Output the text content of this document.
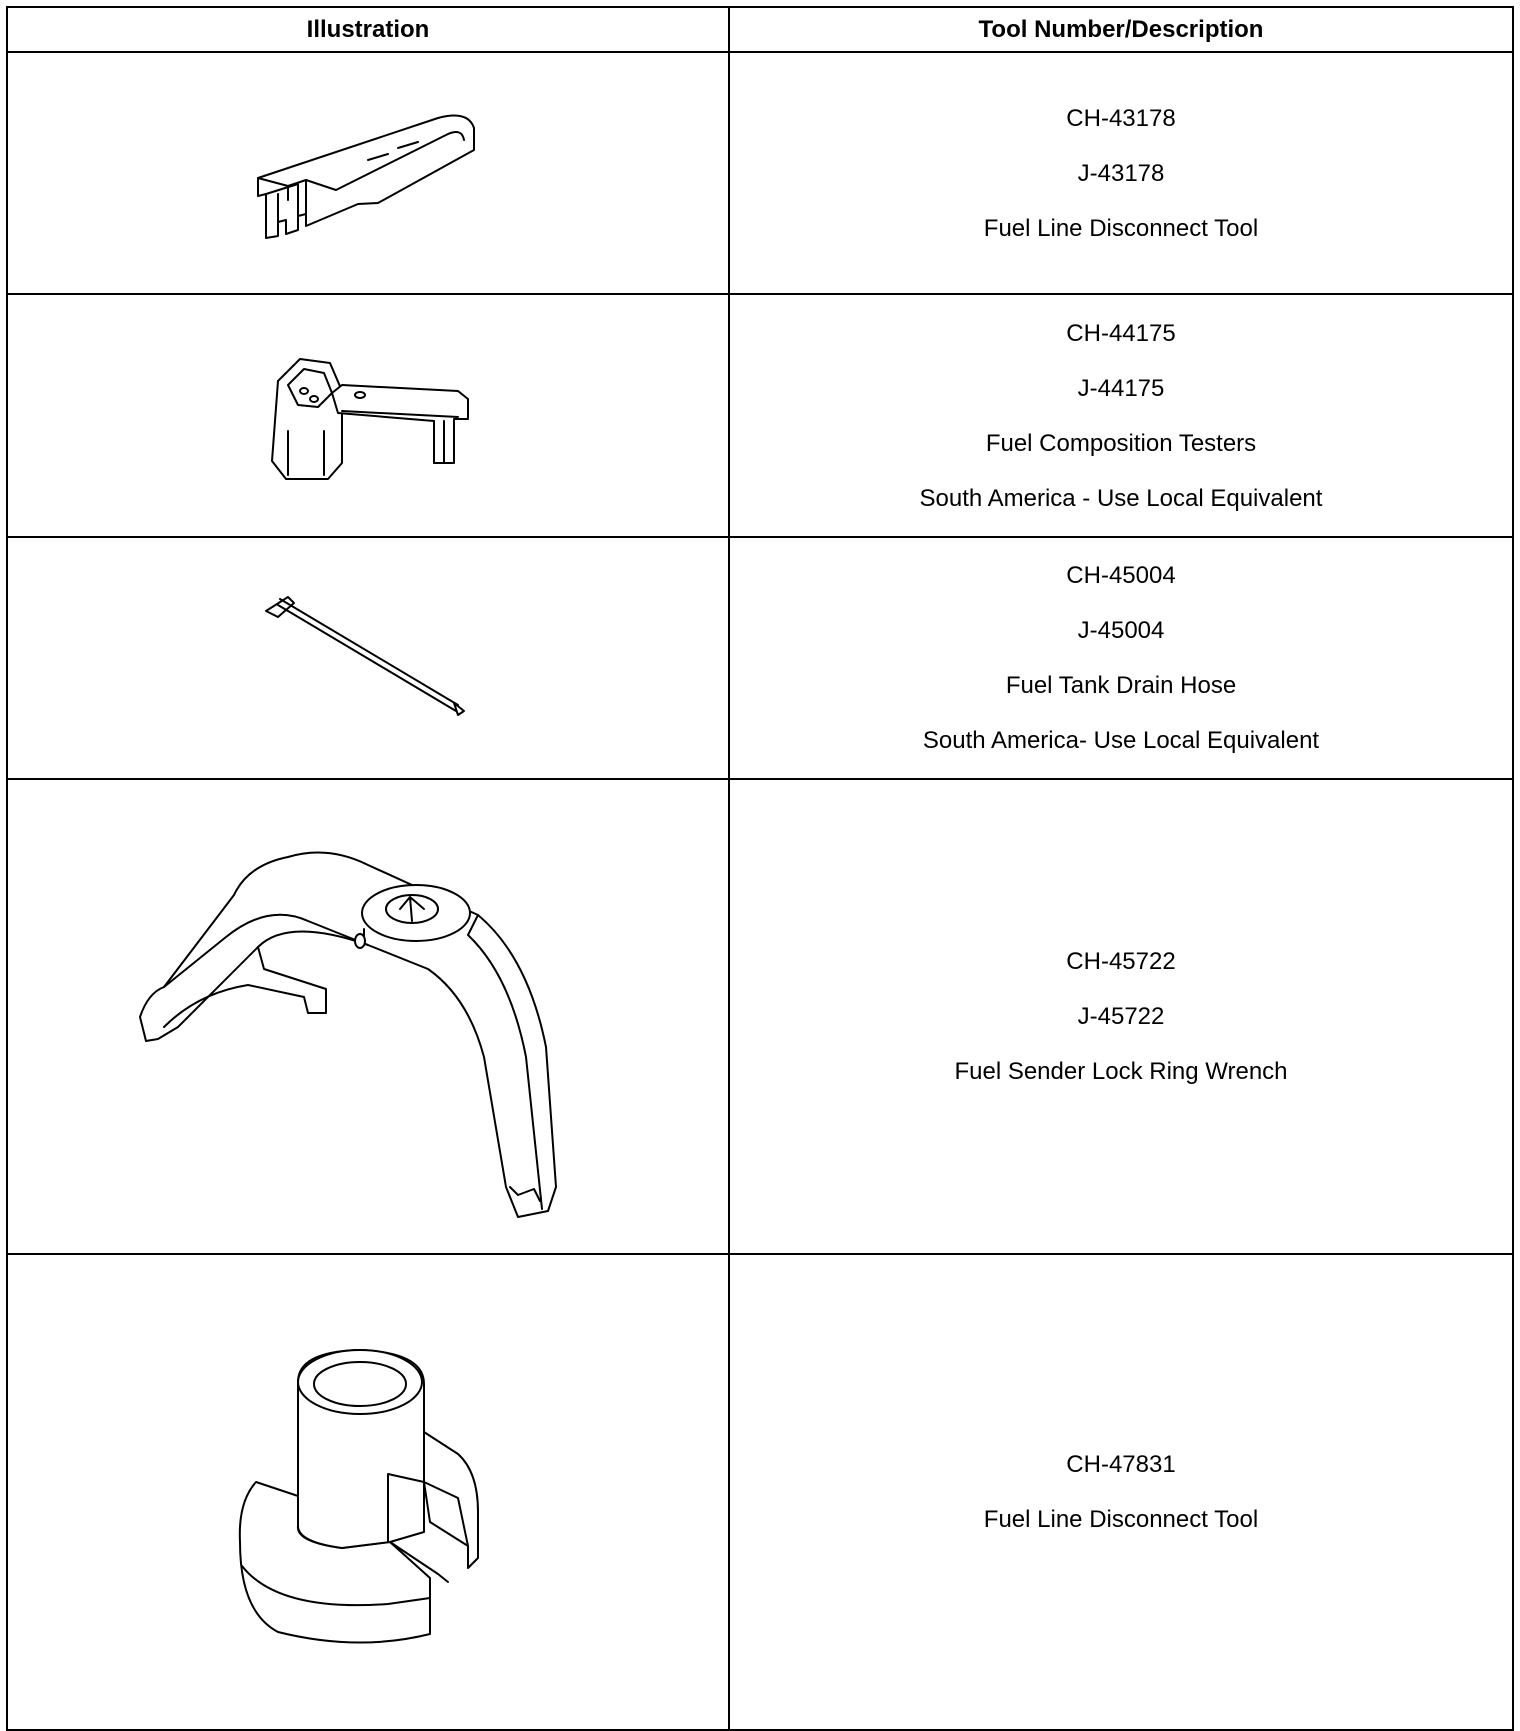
Illustration	Tool Number/Description

CH-43178
J-43178
Fuel Line Disconnect Tool

CH-44175
J-44175
Fuel Composition Testers
South America - Use Local Equivalent

CH-45004
J-45004
Fuel Tank Drain Hose
South America- Use Local Equivalent

CH-45722
J-45722
Fuel Sender Lock Ring Wrench

CH-47831
Fuel Line Disconnect Tool
